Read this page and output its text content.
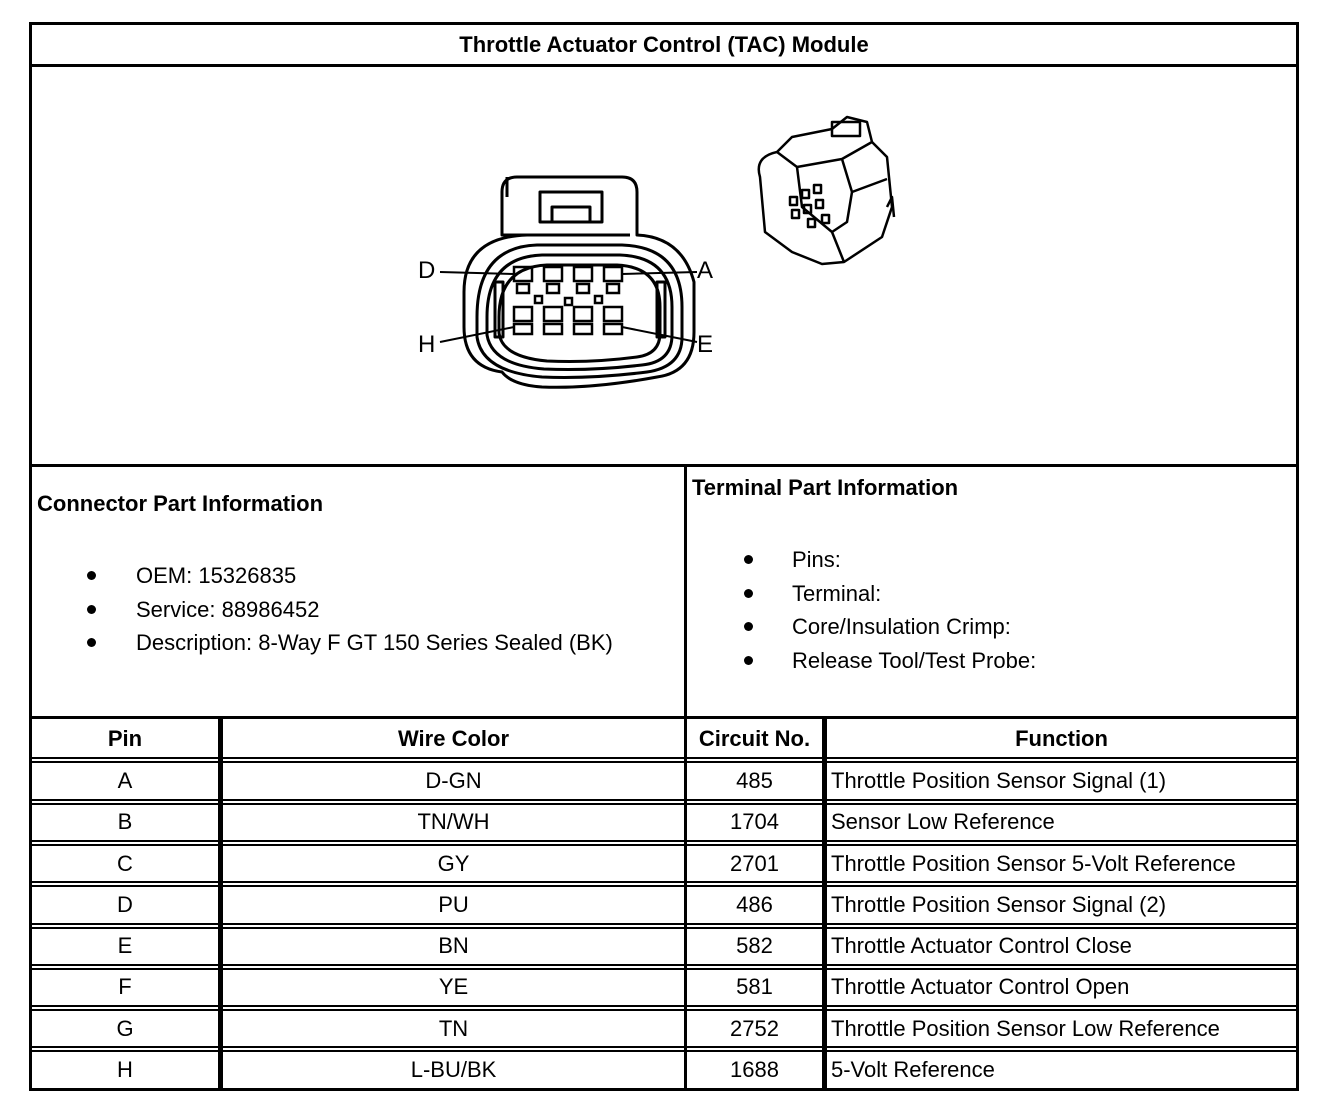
Throttle Actuator Control (TAC) Module
D	A
H	E
Connector Part Information
OEM: 15326835
Service: 88986452
Description: 8-Way F GT 150 Series Sealed (BK)
Terminal Part Information
Pins:
Terminal:
Core/Insulation Crimp:
Release Tool/Test Probe:
Pin	Wire Color	Circuit No.	Function
A	D-GN	485	Throttle Position Sensor Signal (1)
B	TN/WH	1704	Sensor Low Reference
C	GY	2701	Throttle Position Sensor 5-Volt Reference
D	PU	486	Throttle Position Sensor Signal (2)
E	BN	582	Throttle Actuator Control Close
F	YE	581	Throttle Actuator Control Open
G	TN	2752	Throttle Position Sensor Low Reference
H	L-BU/BK	1688	5-Volt Reference
